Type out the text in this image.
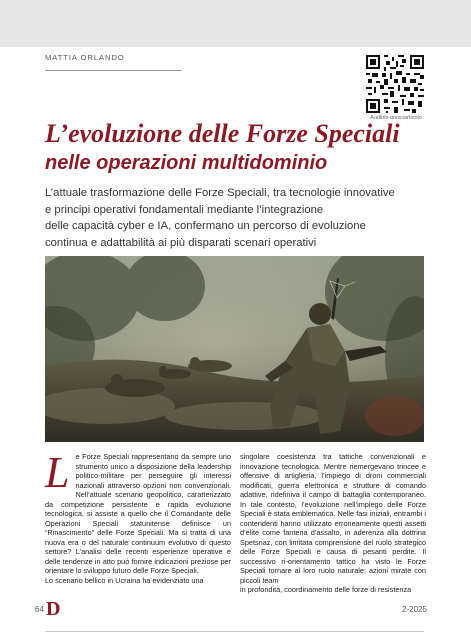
MATTIA ORLANDO
Audible unisciarticolo
L’evoluzione delle Forze Speciali
nelle operazioni multidominio

L’attuale trasformazione delle Forze Speciali, tra tecnologie innovative

e principi operativi fondamentali mediante l’integrazione

delle capacità cyber e IA, confermano un percorso di evoluzione

continua e adattabilità ai più disparati scenari operativi

L e Forze Speciali rappresentano da sempre uno strumento unico a disposizione della leadership politico-militare per perseguire gli interessi nazionali attraverso opzioni non convenzionali. Nell’attuale scenario geopolitico, caratterizzato da competizione persistente e rapida evoluzione tecnologica, si assiste a quello che il Comandante delle Operazioni Speciali statunitense definisce un “Rinascimento” delle Forze Speciali. Ma si tratta di una nuova era o del naturale continuum evolutivo di questo settore? L’analisi delle recenti esperienze operative e delle tendenze in atto può fornire indicazioni preziose per orientare lo sviluppo futuro delle Forze Speciali.

Lo scenario bellico in Ucraina ha evidenziato una

singolare coesistenza tra tattiche convenzionali e innovazione tecnologica. Mentre riemergevano trincee e offensive di artiglieria, l’impiego di droni commerciali modificati, guerra elettronica e strutture di comando adattive, ridefiniva il campo di battaglia contemporaneo. In tale contesto, l’evoluzione nell’impiego delle Forze Speciali è stata emblematica. Nelle fasi iniziali, entrambi i contendenti hanno utilizzato erroneamente questi assetti d’élite come fanteria d’assalto, in aderenza alla dottrina Spetsnaz, con limitata comprensione del ruolo strategico delle Forze Speciali e causa di pesanti perdite. Il successivo ri-orientamento tattico ha visto le Forze Speciali tornare al loro ruolo naturale: azioni mirate con piccoli team
in profondità, coordinamento delle forze di resistenza

64 D	2-2025
